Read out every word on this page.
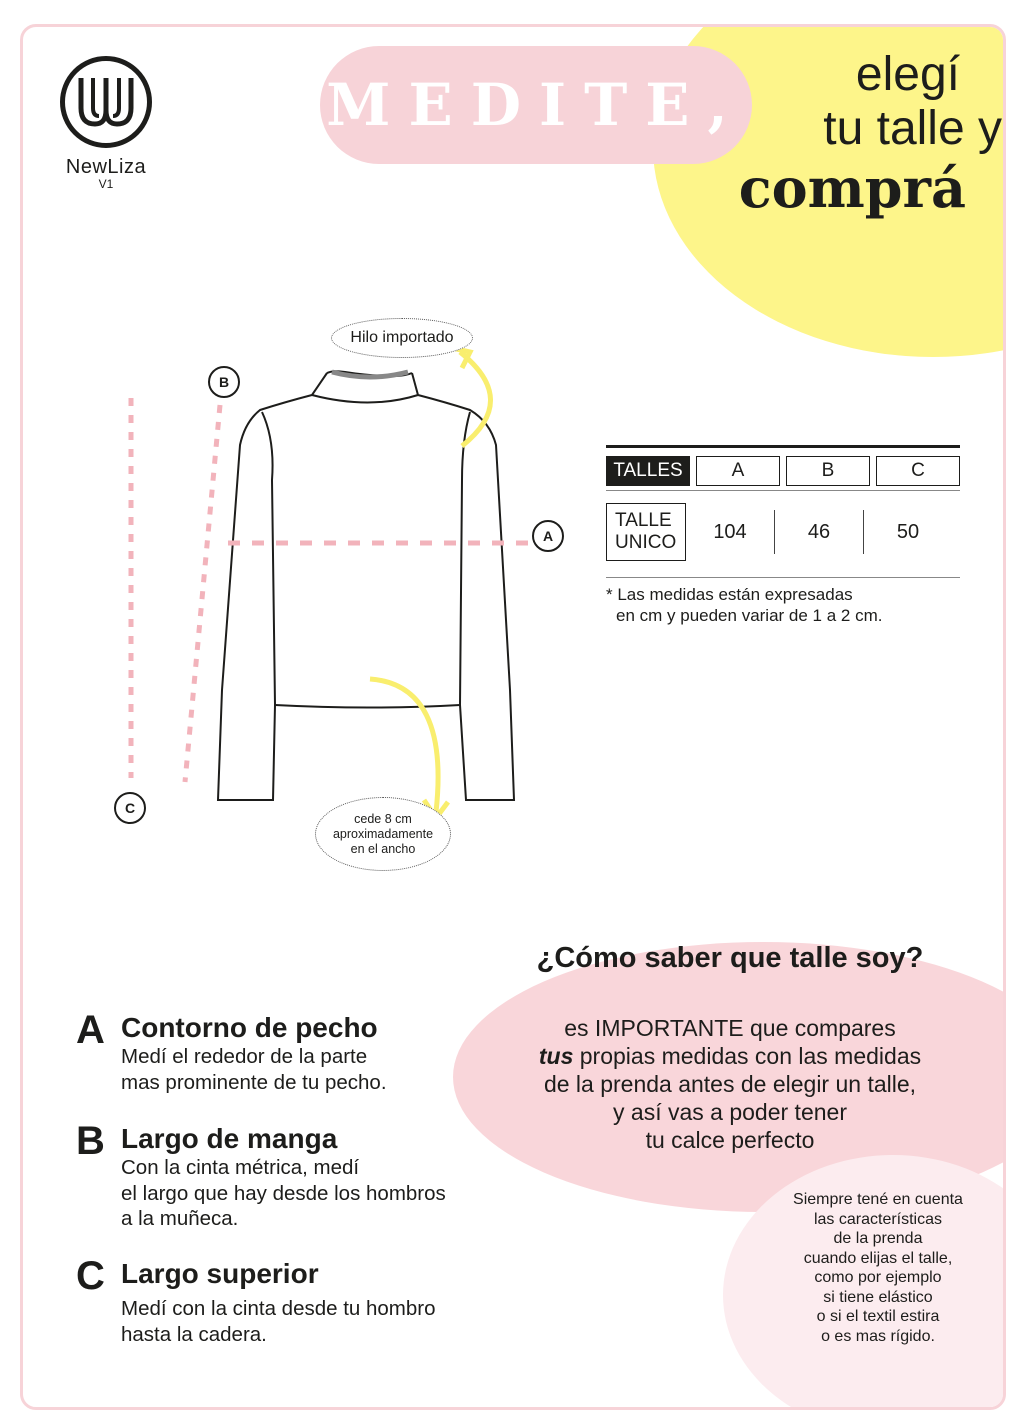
NewLiza
V1
MEDITE,	elegí
tu talle y
comprá
Hilo importado
cede 8 cm
aproximadamente
en el ancho
A
B
C
TALLES	A	B	C
TALLE
UNICO	104	46	50
* Las medidas están expresadas
en cm y pueden variar de 1 a 2 cm.
¿Cómo saber que talle soy?
es IMPORTANTE que compares
tus propias medidas con las medidas
de la prenda antes de elegir un talle,
y así vas a poder tener
tu calce perfecto
Siempre tené en cuenta
las características
de la prenda
cuando elijas el talle,
como por ejemplo
si tiene elástico
o si el textil estira
o es mas rígido.
A Contorno de pecho
Medí el rededor de la parte
mas prominente de tu pecho.
B Largo de manga
Con la cinta métrica, medí
el largo que hay desde los hombros
a la muñeca.
C Largo superior
Medí con la cinta desde tu hombro
hasta la cadera.
